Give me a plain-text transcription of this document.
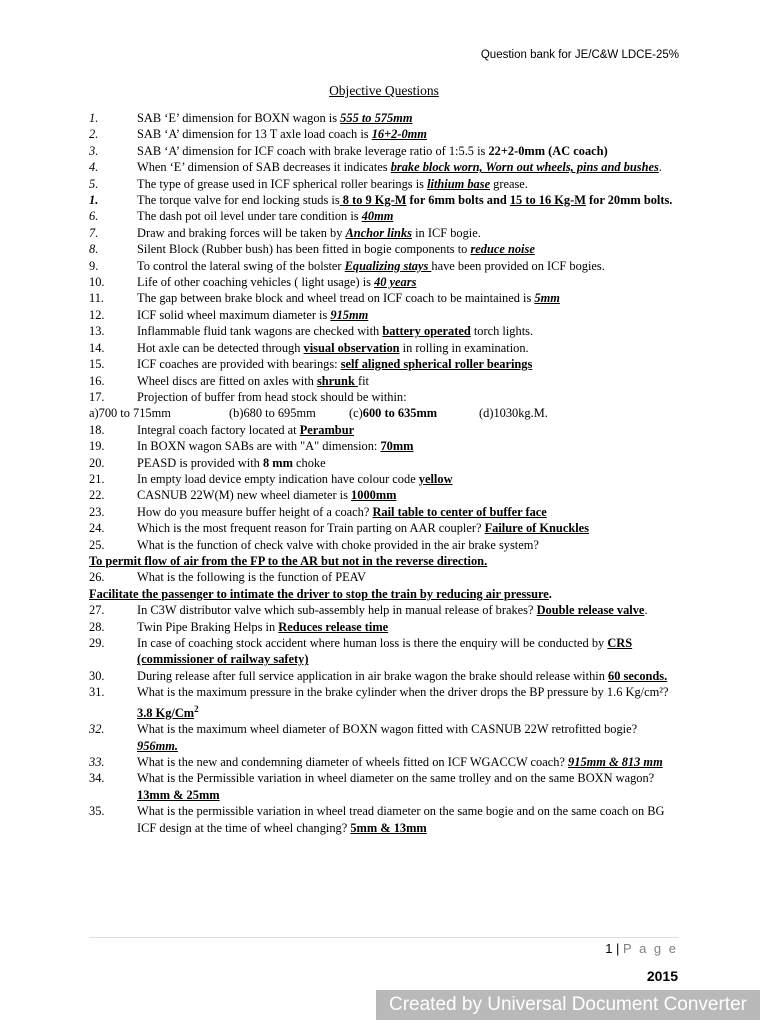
Question bank for JE/C&W LDCE-25%
Objective Questions
1.	SAB ‘E’ dimension for BOXN wagon is 555 to 575mm
2.	SAB ‘A’ dimension for 13 T axle load coach is 16+2-0mm
3.	SAB ‘A’ dimension for ICF coach with brake leverage ratio of 1:5.5 is 22+2-0mm (AC coach)
4.	When ‘E’ dimension of SAB decreases it indicates brake block worn, Worn out wheels, pins and bushes.
5.	The type of grease used in ICF spherical roller bearings is lithium base grease.
1.	The torque valve for end locking studs is 8 to 9 Kg-M for 6mm bolts and 15 to 16 Kg-M for 20mm bolts.
6.	The dash pot oil level under tare condition is 40mm
7.	Draw and braking forces will be taken by Anchor links in ICF bogie.
8.	Silent Block (Rubber bush) has been fitted in bogie components to reduce noise
9.	To control the lateral swing of the bolster Equalizing stays have been provided on ICF bogies.
10.	Life of other coaching vehicles ( light usage) is 40 years
11.	The gap between brake block and wheel tread on ICF coach to be maintained is 5mm
12.	ICF solid wheel maximum diameter is 915mm
13.	Inflammable fluid tank wagons are checked with battery operated torch lights.
14.	Hot axle can be detected through visual observation in rolling in examination.
15.	ICF coaches are provided with bearings: self aligned spherical roller bearings
16.	Wheel discs are fitted on axles with shrunk fit
17.	Projection of buffer from head stock should be within:
a)700 to 715mm	(b)680 to 695mm	(c)600 to 635mm	(d)1030kg.M.
18.	Integral coach factory located at Perambur
19.	In BOXN wagon SABs are with "A" dimension: 70mm
20.	PEASD is provided with 8 mm choke
21.	In empty load device empty indication have colour code yellow
22.	CASNUB 22W(M) new wheel diameter is 1000mm
23.	How do you measure buffer height of a coach? Rail table to center of buffer face
24.	Which is the most frequent reason for Train parting on AAR coupler? Failure of Knuckles
25.	What is the function of check valve with choke provided in the air brake system?
To permit flow of air from the FP to the AR but not in the reverse direction.
26.	What is the following is the function of PEAV
Facilitate the passenger to intimate the driver to stop the train by reducing air pressure.
27.	In C3W distributor valve which sub-assembly help in manual release of brakes? Double release valve.
28.	Twin Pipe Braking Helps in Reduces release time
29.	In case of coaching stock accident where human loss is there the enquiry will be conducted by CRS (commissioner of railway safety)
30.	During release after full service application in air brake wagon the brake should release within 60 seconds.
31.	What is the maximum pressure in the brake cylinder when the driver drops the BP pressure by 1.6 Kg/cm²? 3.8 Kg/Cm$^2$
32.	What is the maximum wheel diameter of BOXN wagon fitted with CASNUB 22W retrofitted bogie? 956mm.
33.	What is the new and condemning diameter of wheels fitted on ICF WGACCW coach? 915mm & 813 mm
34.	What is the Permissible variation in wheel diameter on the same trolley and on the same BOXN wagon? 13mm & 25mm
35.	What is the permissible variation in wheel tread diameter on the same bogie and on the same coach on BG ICF design at the time of wheel changing? 5mm & 13mm
1 | P a g e
2015
Created by Universal Document Converter
